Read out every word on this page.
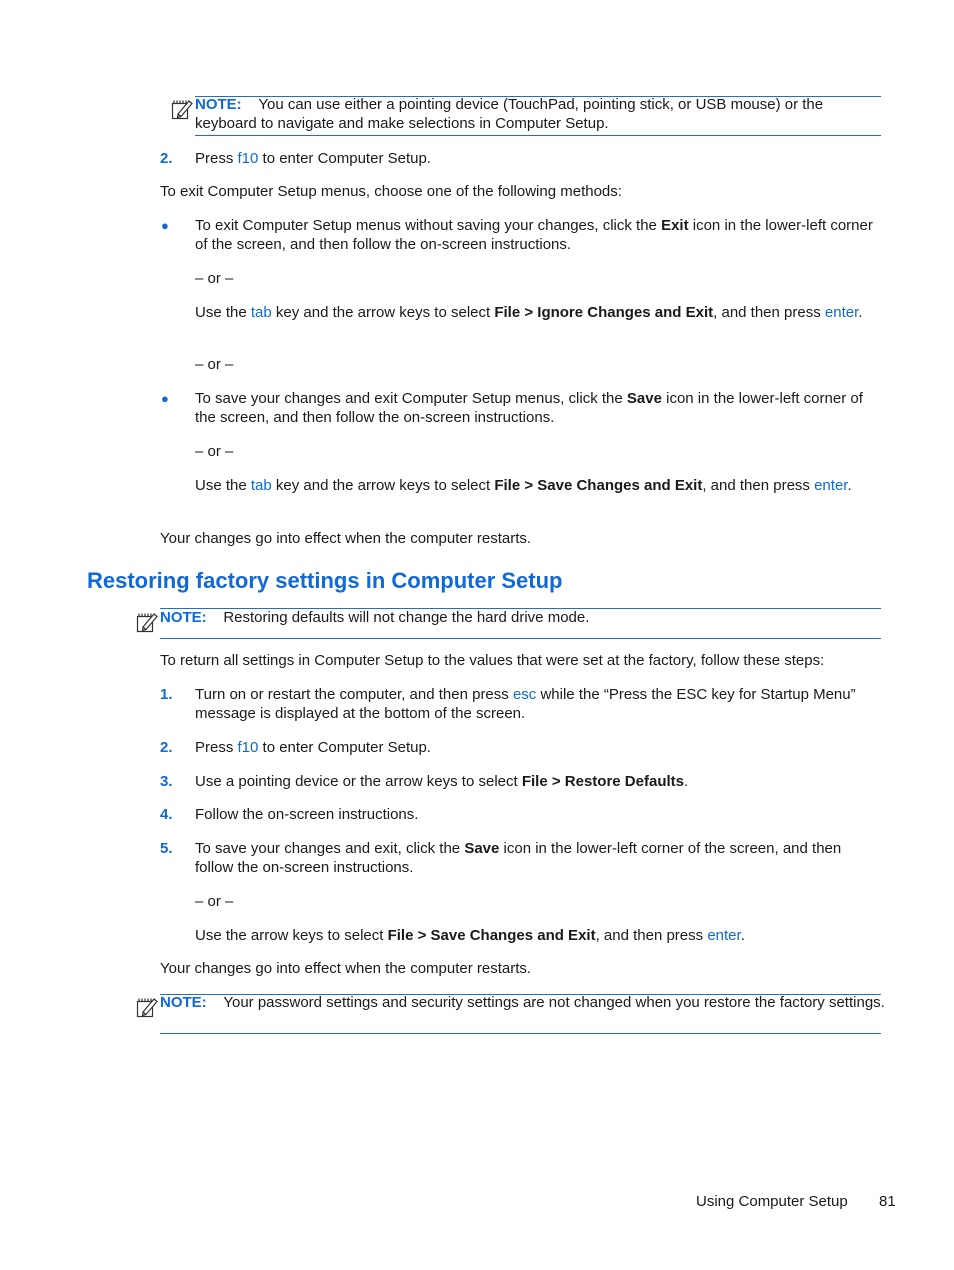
NOTE: You can use either a pointing device (TouchPad, pointing stick, or USB mouse) or the keyboard to navigate and make selections in Computer Setup.
2. Press f10 to enter Computer Setup.
To exit Computer Setup menus, choose one of the following methods:
● To exit Computer Setup menus without saving your changes, click the Exit icon in the lower-left corner of the screen, and then follow the on-screen instructions.
– or –
Use the tab key and the arrow keys to select File > Ignore Changes and Exit, and then press enter.
– or –
● To save your changes and exit Computer Setup menus, click the Save icon in the lower-left corner of the screen, and then follow the on-screen instructions.
– or –
Use the tab key and the arrow keys to select File > Save Changes and Exit, and then press enter.
Your changes go into effect when the computer restarts.
Restoring factory settings in Computer Setup
NOTE: Restoring defaults will not change the hard drive mode.
To return all settings in Computer Setup to the values that were set at the factory, follow these steps:
1. Turn on or restart the computer, and then press esc while the “Press the ESC key for Startup Menu” message is displayed at the bottom of the screen.
2. Press f10 to enter Computer Setup.
3. Use a pointing device or the arrow keys to select File > Restore Defaults.
4. Follow the on-screen instructions.
5. To save your changes and exit, click the Save icon in the lower-left corner of the screen, and then follow the on-screen instructions.
– or –
Use the arrow keys to select File > Save Changes and Exit, and then press enter.
Your changes go into effect when the computer restarts.
NOTE: Your password settings and security settings are not changed when you restore the factory settings.
Using Computer Setup 81
